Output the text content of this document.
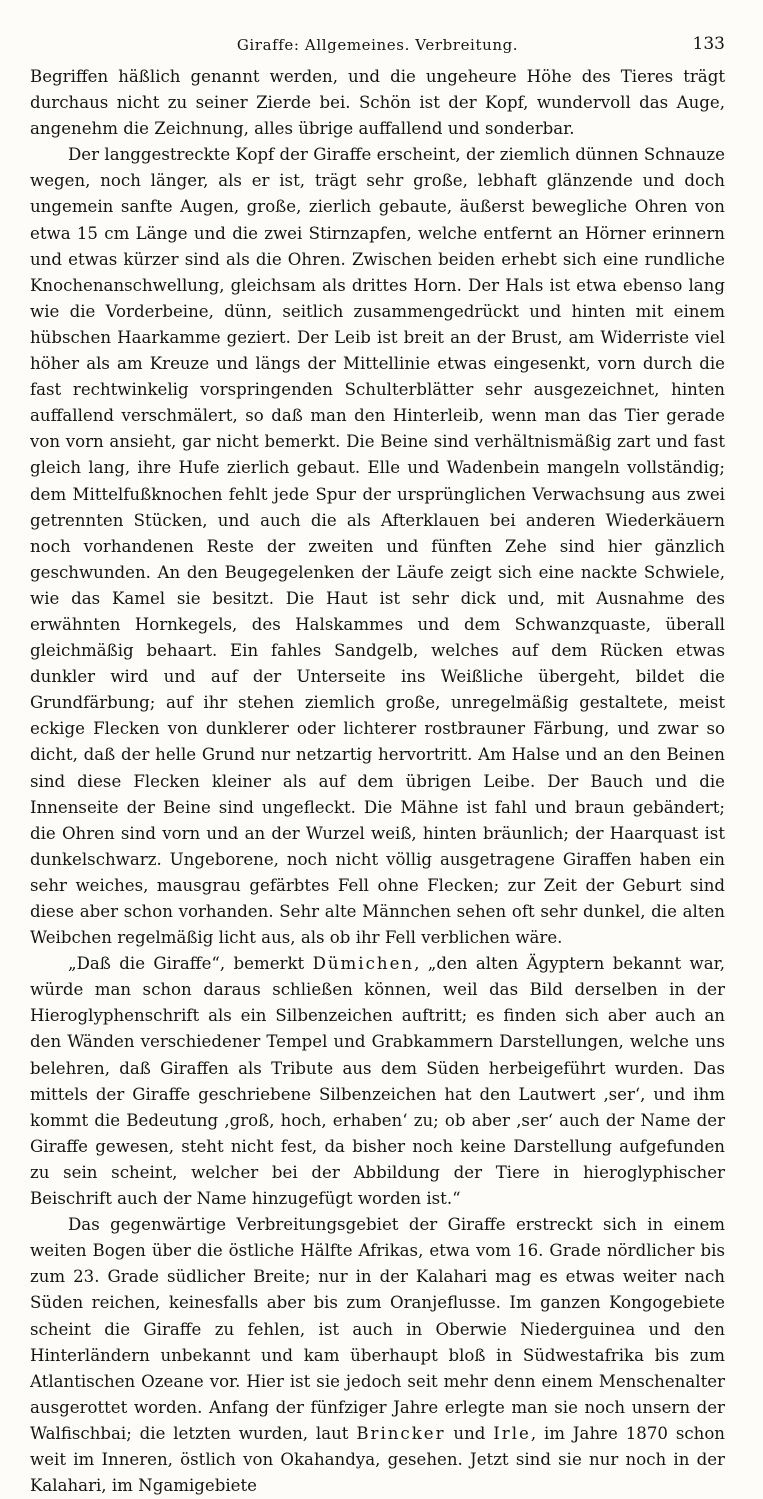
Giraffe: Allgemeines. Verbreitung.	133

Begriffen häßlich genannt werden, und die ungeheure Höhe des Tieres trägt durchaus nicht zu seiner Zierde bei. Schön ist der Kopf, wundervoll das Auge, angenehm die Zeichnung, alles übrige auffallend und sonderbar.

Der langgestreckte Kopf der Giraffe erscheint, der ziemlich dünnen Schnauze wegen, noch länger, als er ist, trägt sehr große, lebhaft glänzende und doch ungemein sanfte Augen, große, zierlich gebaute, äußerst bewegliche Ohren von etwa 15 cm Länge und die zwei Stirnzapfen, welche entfernt an Hörner erinnern und etwas kürzer sind als die Ohren. Zwischen beiden erhebt sich eine rundliche Knochenanschwellung, gleichsam als drittes Horn. Der Hals ist etwa ebenso lang wie die Vorderbeine, dünn, seitlich zusammengedrückt und hinten mit einem hübschen Haarkamme geziert. Der Leib ist breit an der Brust, am Widerriste viel höher als am Kreuze und längs der Mittellinie etwas eingesenkt, vorn durch die fast rechtwinkelig vorspringenden Schulterblätter sehr ausgezeichnet, hinten auffallend verschmälert, so daß man den Hinterleib, wenn man das Tier gerade von vorn ansieht, gar nicht bemerkt. Die Beine sind verhältnismäßig zart und fast gleich lang, ihre Hufe zierlich gebaut. Elle und Wadenbein mangeln vollständig; dem Mittelfußknochen fehlt jede Spur der ursprünglichen Verwachsung aus zwei getrennten Stücken, und auch die als Afterklauen bei anderen Wiederkäuern noch vorhandenen Reste der zweiten und fünften Zehe sind hier gänzlich geschwunden. An den Beugegelenken der Läufe zeigt sich eine nackte Schwiele, wie das Kamel sie besitzt. Die Haut ist sehr dick und, mit Ausnahme des erwähnten Hornkegels, des Halskammes und dem Schwanzquaste, überall gleichmäßig behaart. Ein fahles Sandgelb, welches auf dem Rücken etwas dunkler wird und auf der Unterseite ins Weißliche übergeht, bildet die Grundfärbung; auf ihr stehen ziemlich große, unregelmäßig gestaltete, meist eckige Flecken von dunklerer oder lichterer rostbrauner Färbung, und zwar so dicht, daß der helle Grund nur netzartig hervortritt. Am Halse und an den Beinen sind diese Flecken kleiner als auf dem übrigen Leibe. Der Bauch und die Innenseite der Beine sind ungefleckt. Die Mähne ist fahl und braun gebändert; die Ohren sind vorn und an der Wurzel weiß, hinten bräunlich; der Haarquast ist dunkelschwarz. Ungeborene, noch nicht völlig ausgetragene Giraffen haben ein sehr weiches, mausgrau gefärbtes Fell ohne Flecken; zur Zeit der Geburt sind diese aber schon vorhanden. Sehr alte Männchen sehen oft sehr dunkel, die alten Weibchen regelmäßig licht aus, als ob ihr Fell verblichen wäre.

„Daß die Giraffe“, bemerkt Dümichen, „den alten Ägyptern bekannt war, würde man schon daraus schließen können, weil das Bild derselben in der Hieroglyphenschrift als ein Silbenzeichen auftritt; es finden sich aber auch an den Wänden verschiedener Tempel und Grabkammern Darstellungen, welche uns belehren, daß Giraffen als Tribute aus dem Süden herbeigeführt wurden. Das mittels der Giraffe geschriebene Silbenzeichen hat den Lautwert ‚ser‘, und ihm kommt die Bedeutung ‚groß, hoch, erhaben‘ zu; ob aber ‚ser‘ auch der Name der Giraffe gewesen, steht nicht fest, da bisher noch keine Darstellung aufgefunden zu sein scheint, welcher bei der Abbildung der Tiere in hieroglyphischer Beischrift auch der Name hinzugefügt worden ist.“

Das gegenwärtige Verbreitungsgebiet der Giraffe erstreckt sich in einem weiten Bogen über die östliche Hälfte Afrikas, etwa vom 16. Grade nördlicher bis zum 23. Grade südlicher Breite; nur in der Kalahari mag es etwas weiter nach Süden reichen, keinesfalls aber bis zum Oranjeflusse. Im ganzen Kongogebiete scheint die Giraffe zu fehlen, ist auch in Oberwie Niederguinea und den Hinterländern unbekannt und kam überhaupt bloß in Südwestafrika bis zum Atlantischen Ozeane vor. Hier ist sie jedoch seit mehr denn einem Menschenalter ausgerottet worden. Anfang der fünfziger Jahre erlegte man sie noch unsern der Walfischbai; die letzten wurden, laut Brincker und Irle, im Jahre 1870 schon weit im Inneren, östlich von Okahandya, gesehen. Jetzt sind sie nur noch in der Kalahari, im Ngamigebiete
